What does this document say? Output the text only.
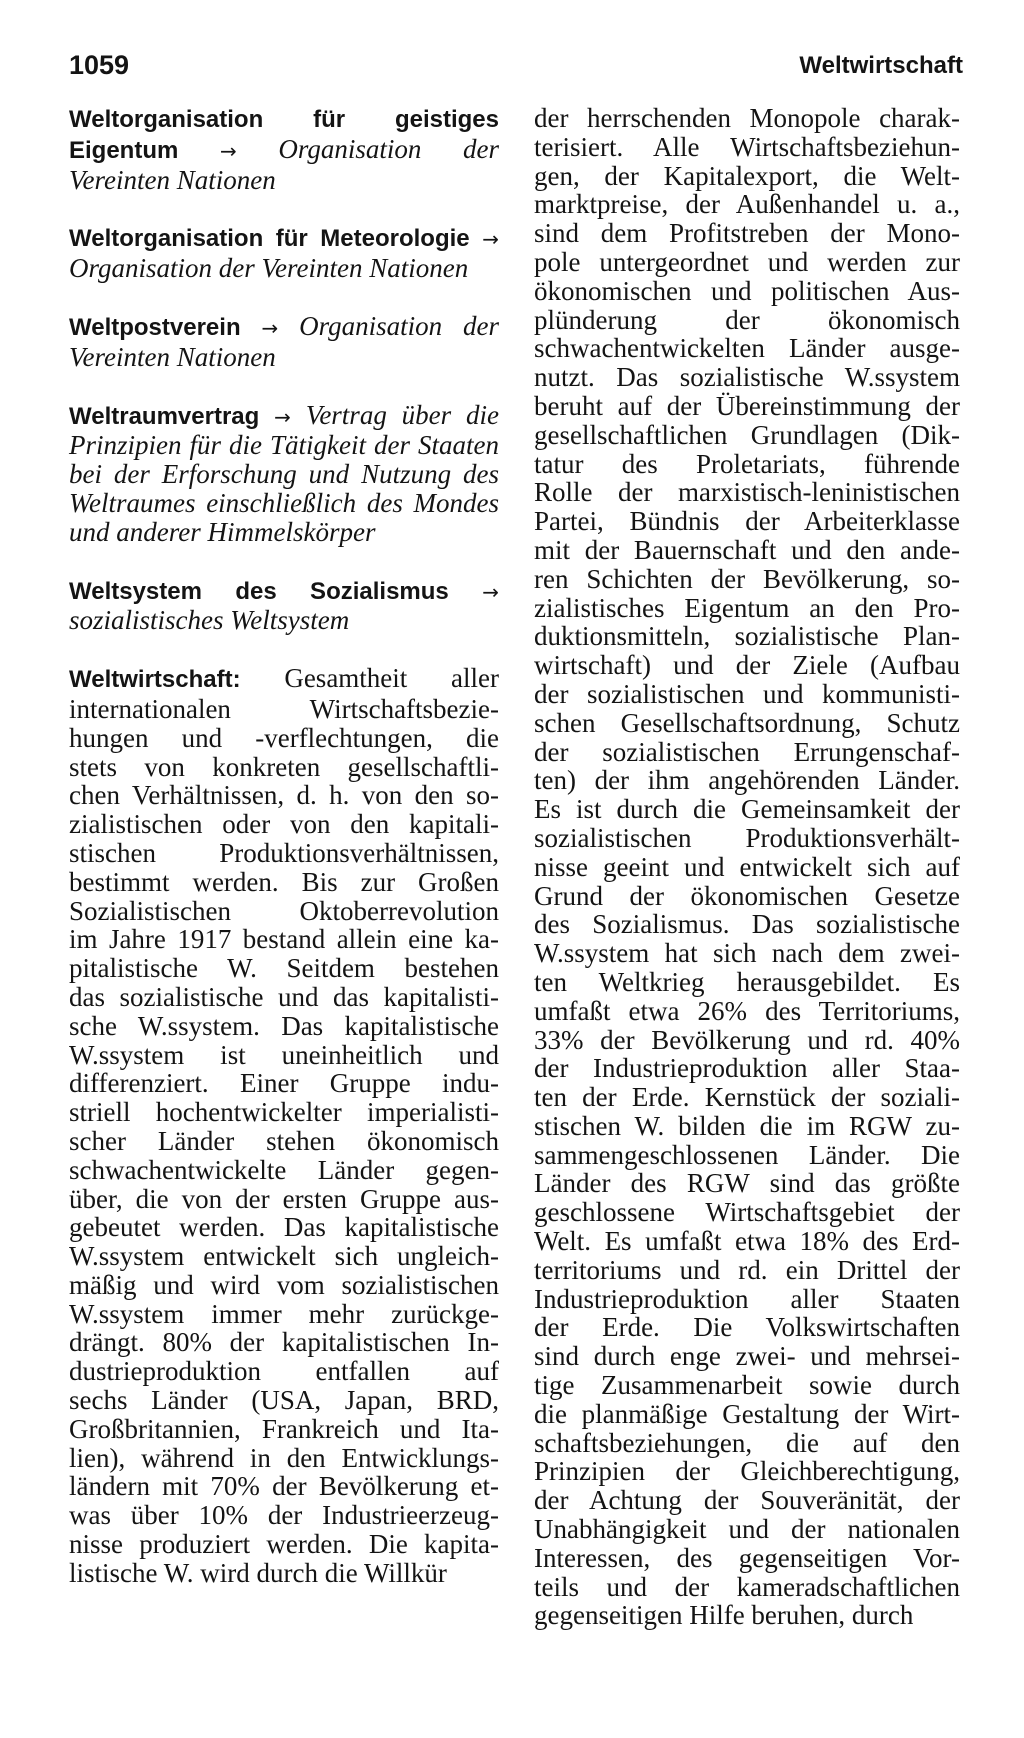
1059	Weltwirtschaft

Weltorganisation für geistiges Eigentum → Organisation der Vereinten Nationen

Weltorganisation für Meteorologie → Organisation der Vereinten Nationen

Weltpostverein → Organisation der Vereinten Nationen

Weltraumvertrag → Vertrag über die Prinzipien für die Tätigkeit der Staaten bei der Erforschung und Nutzung des Weltraumes einschließlich des Mondes und anderer Himmelskörper

Weltsystem des Sozialismus → sozialistisches Weltsystem

Weltwirtschaft: Gesamtheit aller
internationalen Wirtschaftsbezie-
hungen und -verflechtungen, die
stets von konkreten gesellschaftli-
chen Verhältnissen, d. h. von den so-
zialistischen oder von den kapitali-
stischen Produktionsverhältnissen,
bestimmt werden. Bis zur Großen
Sozialistischen Oktoberrevolution
im Jahre 1917 bestand allein eine ka-
pitalistische W. Seitdem bestehen
das sozialistische und das kapitalisti-
sche W.ssystem. Das kapitalistische
W.ssystem ist uneinheitlich und
differenziert. Einer Gruppe indu-
striell hochentwickelter imperialisti-
scher Länder stehen ökonomisch
schwachentwickelte Länder gegen-
über, die von der ersten Gruppe aus-
gebeutet werden. Das kapitalistische
W.ssystem entwickelt sich ungleich-
mäßig und wird vom sozialistischen
W.ssystem immer mehr zurückge-
drängt. 80% der kapitalistischen In-
dustrieproduktion entfallen auf
sechs Länder (USA, Japan, BRD,
Großbritannien, Frankreich und Ita-
lien), während in den Entwicklungs-
ländern mit 70% der Bevölkerung et-
was über 10% der Industrieerzeug-
nisse produziert werden. Die kapita-
listische W. wird durch die Willkür
der herrschenden Monopole charak-
terisiert. Alle Wirtschaftsbeziehun-
gen, der Kapitalexport, die Welt-
marktpreise, der Außenhandel u. a.,
sind dem Profitstreben der Mono-
pole untergeordnet und werden zur
ökonomischen und politischen Aus-
plünderung der ökonomisch
schwachentwickelten Länder ausge-
nutzt. Das sozialistische W.ssystem
beruht auf der Übereinstimmung der
gesellschaftlichen Grundlagen (Dik-
tatur des Proletariats, führende
Rolle der marxistisch-leninistischen
Partei, Bündnis der Arbeiterklasse
mit der Bauernschaft und den ande-
ren Schichten der Bevölkerung, so-
zialistisches Eigentum an den Pro-
duktionsmitteln, sozialistische Plan-
wirtschaft) und der Ziele (Aufbau
der sozialistischen und kommunisti-
schen Gesellschaftsordnung, Schutz
der sozialistischen Errungenschaf-
ten) der ihm angehörenden Länder.
Es ist durch die Gemeinsamkeit der
sozialistischen Produktionsverhält-
nisse geeint und entwickelt sich auf
Grund der ökonomischen Gesetze
des Sozialismus. Das sozialistische
W.ssystem hat sich nach dem zwei-
ten Weltkrieg herausgebildet. Es
umfaßt etwa 26% des Territoriums,
33% der Bevölkerung und rd. 40%
der Industrieproduktion aller Staa-
ten der Erde. Kernstück der soziali-
stischen W. bilden die im RGW zu-
sammengeschlossenen Länder. Die
Länder des RGW sind das größte
geschlossene Wirtschaftsgebiet der
Welt. Es umfaßt etwa 18% des Erd-
territoriums und rd. ein Drittel der
Industrieproduktion aller Staaten
der Erde. Die Volkswirtschaften
sind durch enge zwei- und mehrsei-
tige Zusammenarbeit sowie durch
die planmäßige Gestaltung der Wirt-
schaftsbeziehungen, die auf den
Prinzipien der Gleichberechtigung,
der Achtung der Souveränität, der
Unabhängigkeit und der nationalen
Interessen, des gegenseitigen Vor-
teils und der kameradschaftlichen
gegenseitigen Hilfe beruhen, durch
